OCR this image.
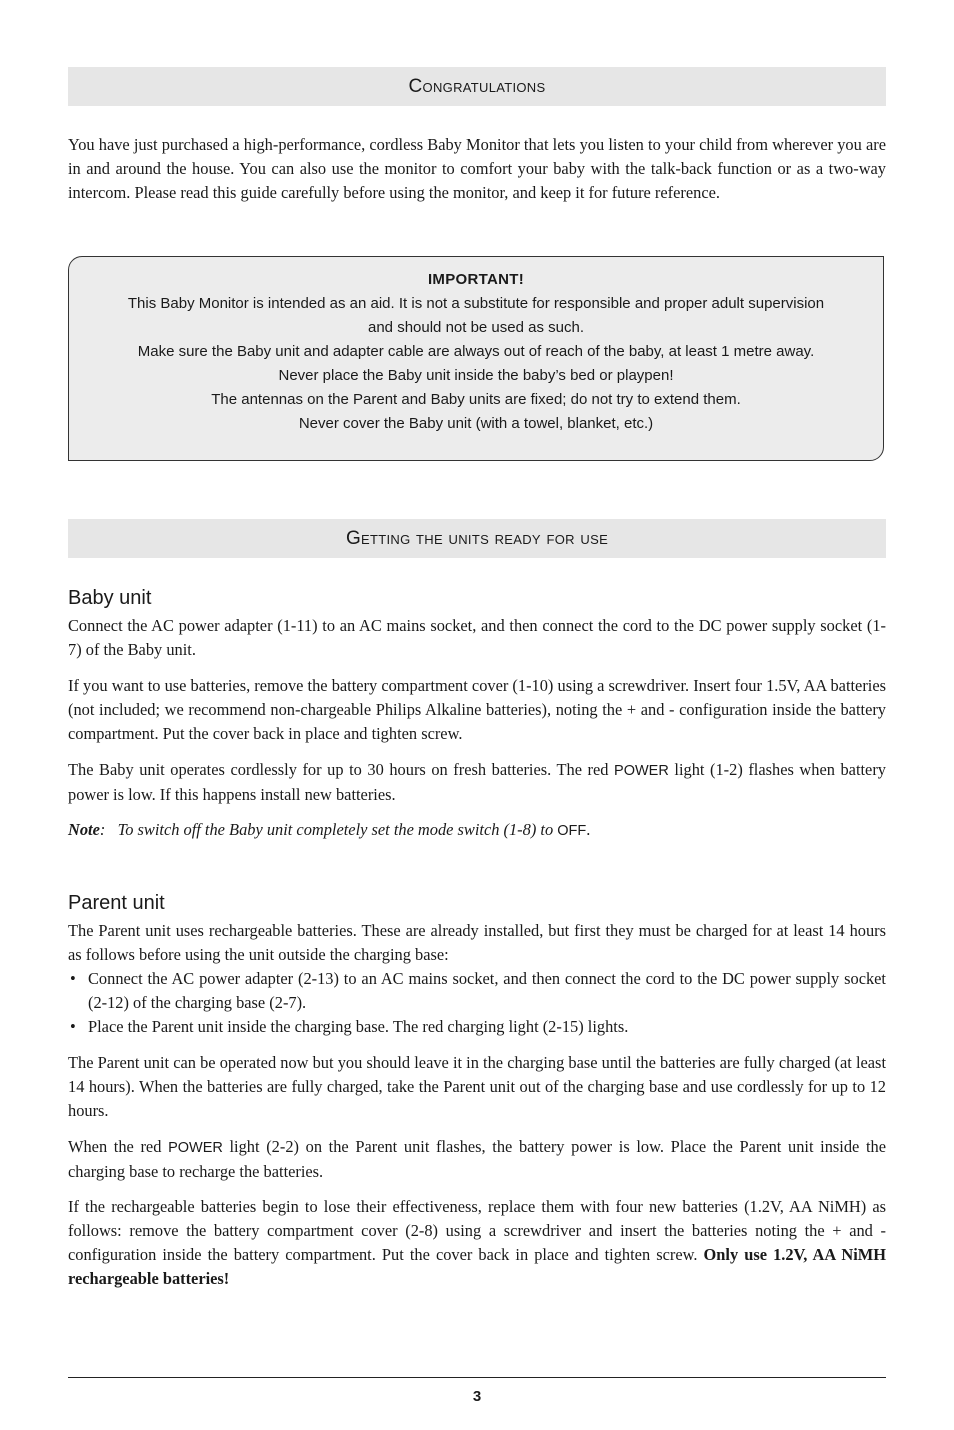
Congratulations

You have just purchased a high-performance, cordless Baby Monitor that lets you listen to your child from wherever you are in and around the house. You can also use the monitor to comfort your baby with the talk-back function or as a two-way intercom. Please read this guide carefully before using the monitor, and keep it for future reference.

IMPORTANT!

This Baby Monitor is intended as an aid. It is not a substitute for responsible and proper adult supervision and should not be used as such.

Make sure the Baby unit and adapter cable are always out of reach of the baby, at least 1 metre away.

Never place the Baby unit inside the baby’s bed or playpen!

The antennas on the Parent and Baby units are fixed; do not try to extend them.

Never cover the Baby unit (with a towel, blanket, etc.)

Getting the units ready for use
Baby unit

Connect the AC power adapter (1-11) to an AC mains socket, and then connect the cord to the DC power supply socket (1-7) of the Baby unit.

If you want to use batteries, remove the battery compartment cover (1-10) using a screwdriver. Insert four 1.5V, AA batteries (not included; we recommend non-chargeable Philips Alkaline batteries), noting the + and - configuration inside the battery compartment. Put the cover back in place and tighten screw.

The Baby unit operates cordlessly for up to 30 hours on fresh batteries. The red POWER light (1-2) flashes when battery power is low. If this happens install new batteries.

Note: To switch off the Baby unit completely set the mode switch (1-8) to OFF.

Parent unit

The Parent unit uses rechargeable batteries. These are already installed, but first they must be charged for at least 14 hours as follows before using the unit outside the charging base:

• Connect the AC power adapter (2-13) to an AC mains socket, and then connect the cord to the DC power supply socket (2-12) of the charging base (2-7).
• Place the Parent unit inside the charging base. The red charging light (2-15) lights.

The Parent unit can be operated now but you should leave it in the charging base until the batteries are fully charged (at least 14 hours). When the batteries are fully charged, take the Parent unit out of the charging base and use cordlessly for up to 12 hours.

When the red POWER light (2-2) on the Parent unit flashes, the battery power is low. Place the Parent unit inside the charging base to recharge the batteries.

If the rechargeable batteries begin to lose their effectiveness, replace them with four new batteries (1.2V, AA NiMH) as follows: remove the battery compartment cover (2-8) using a screwdriver and insert the batteries noting the + and - configuration inside the battery compartment. Put the cover back in place and tighten screw. Only use 1.2V, AA NiMH rechargeable batteries!

3
